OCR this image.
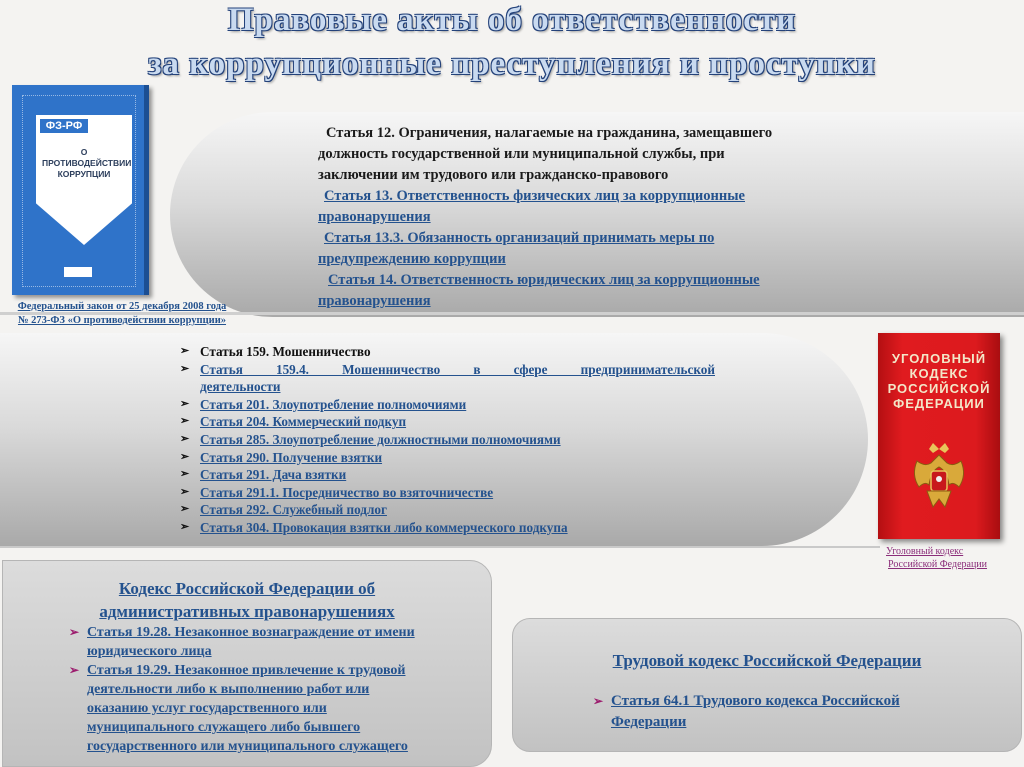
Правовые акты об ответственности
за коррупционные преступления и проступки
ФЗ-РФ
О ПРОТИВОДЕЙСТВИИ КОРРУПЦИИ
Федеральный закон от 25 декабря 2008 года
№ 273-ФЗ «О противодействии коррупции»
Статья 12. Ограничения, налагаемые на гражданина, замещавшего
должность государственной или муниципальной службы, при
заключении им трудового или гражданско-правового
Статья 13. Ответственность физических лиц за коррупционные
правонарушения
Статья 13.3. Обязанность организаций принимать меры по
предупреждению коррупции
Статья 14. Ответственность юридических лиц за коррупционные
правонарушения
➢ Статья 159. Мошенничество
➢ Статья 159.4. Мошенничество в сфере предпринимательской
деятельности
➢ Статья 201. Злоупотребление полномочиями
➢ Статья 204. Коммерческий подкуп
➢ Статья 285. Злоупотребление должностными полномочиями
➢ Статья 290. Получение взятки
➢ Статья 291. Дача взятки
➢ Статья 291.1. Посредничество во взяточничестве
➢ Статья 292. Служебный подлог
➢ Статья 304. Провокация взятки либо коммерческого подкупа
УГОЛОВНЫЙ
КОДЕКС
РОССИЙСКОЙ
ФЕДЕРАЦИИ
Уголовный кодекс
Российской Федерации
Кодекс Российской Федерации об
административных правонарушениях
➢ Статья 19.28. Незаконное вознаграждение от имени
юридического лица
➢ Статья 19.29. Незаконное привлечение к трудовой
деятельности либо к выполнению работ или
оказанию услуг государственного или
муниципального служащего либо бывшего
государственного или муниципального служащего
Трудовой кодекс Российской Федерации
➢ Статья 64.1 Трудового кодекса Российской
Федерации
